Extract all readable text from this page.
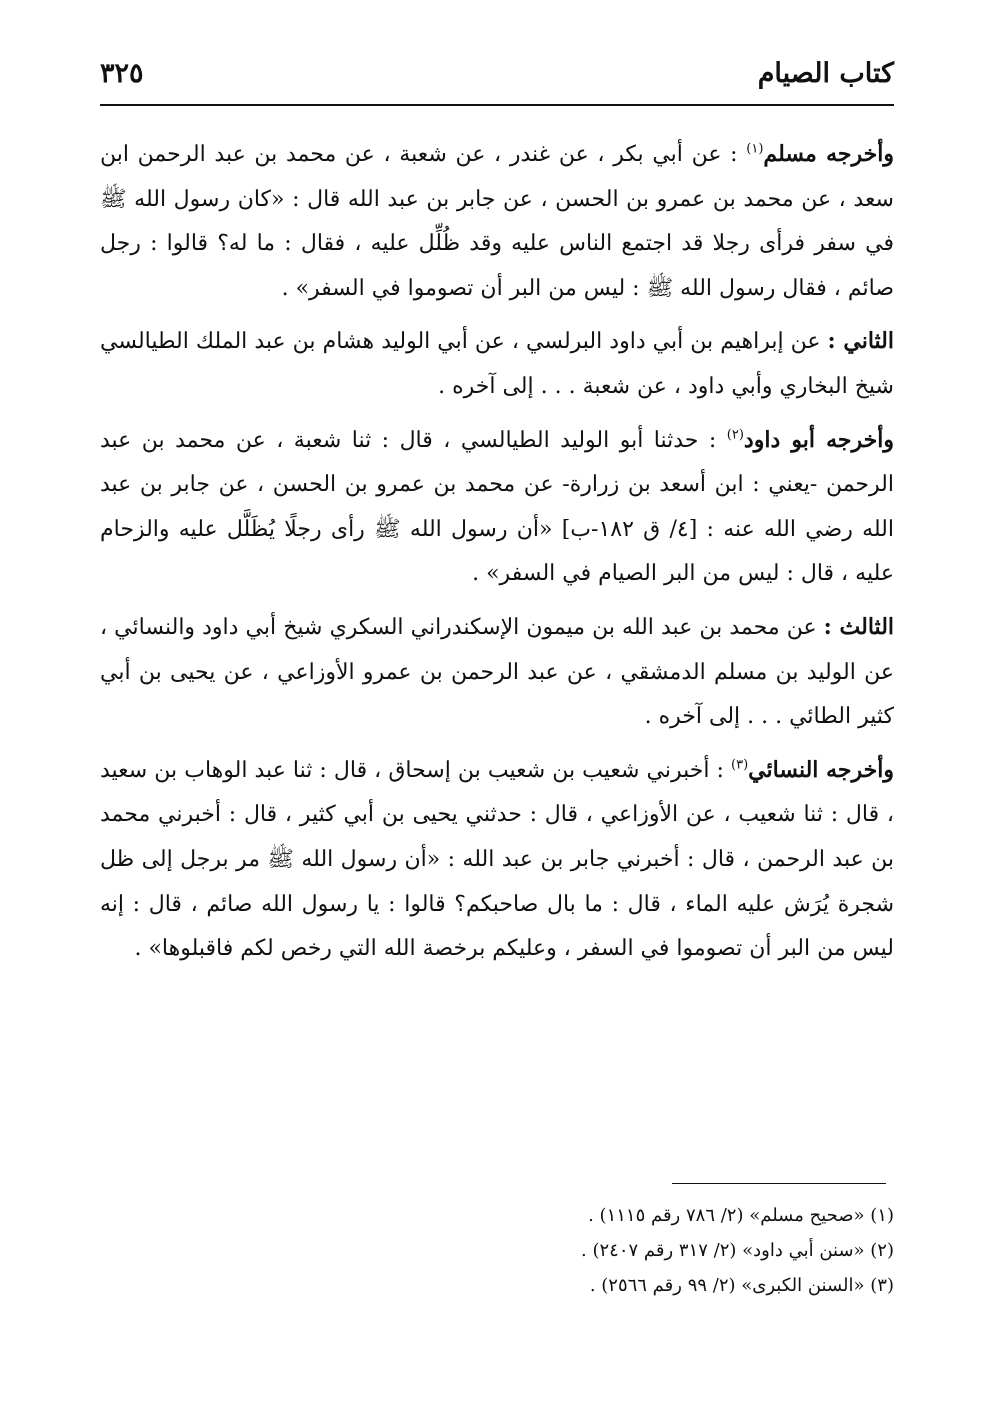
كتاب الصيام
٣٢٥

وأخرجه مسلم$^{(١)}$ : عن أبي بكر ، عن غندر ، عن شعبة ، عن محمد بن عبد الرحمن ابن سعد ، عن محمد بن عمرو بن الحسن ، عن جابر بن عبد الله قال : «كان رسول الله ﷺ في سفر فرأى رجلا قد اجتمع الناس عليه وقد ظُلِّل عليه ، فقال : ما له؟ قالوا : رجل صائم ، فقال رسول الله ﷺ : ليس من البر أن تصوموا في السفر» .

الثاني : عن إبراهيم بن أبي داود البرلسي ، عن أبي الوليد هشام بن عبد الملك الطيالسي شيخ البخاري وأبي داود ، عن شعبة . . . إلى آخره .

وأخرجه أبو داود$^{(٢)}$ : حدثنا أبو الوليد الطيالسي ، قال : ثنا شعبة ، عن محمد بن عبد الرحمن -يعني : ابن أسعد بن زرارة- عن محمد بن عمرو بن الحسن ، عن جابر بن عبد الله رضي الله عنه : [٤/ ق ١٨٢-ب] «أن رسول الله ﷺ رأى رجلًا يُظَلَّل عليه والزحام عليه ، قال : ليس من البر الصيام في السفر» .

الثالث : عن محمد بن عبد الله بن ميمون الإسكندراني السكري شيخ أبي داود والنسائي ، عن الوليد بن مسلم الدمشقي ، عن عبد الرحمن بن عمرو الأوزاعي ، عن يحيى بن أبي كثير الطائي . . . إلى آخره .

وأخرجه النسائي$^{(٣)}$ : أخبرني شعيب بن شعيب بن إسحاق ، قال : ثنا عبد الوهاب بن سعيد ، قال : ثنا شعيب ، عن الأوزاعي ، قال : حدثني يحيى بن أبي كثير ، قال : أخبرني محمد بن عبد الرحمن ، قال : أخبرني جابر بن عبد الله : «أن رسول الله ﷺ مر برجل إلى ظل شجرة يُرَش عليه الماء ، قال : ما بال صاحبكم؟ قالوا : يا رسول الله صائم ، قال : إنه ليس من البر أن تصوموا في السفر ، وعليكم برخصة الله التي رخص لكم فاقبلوها» .

(١) «صحيح مسلم» (٢/ ٧٨٦ رقم ١١١٥) .

(٢) «سنن أبي داود» (٢/ ٣١٧ رقم ٢٤٠٧) .

(٣) «السنن الكبرى» (٢/ ٩٩ رقم ٢٥٦٦) .
